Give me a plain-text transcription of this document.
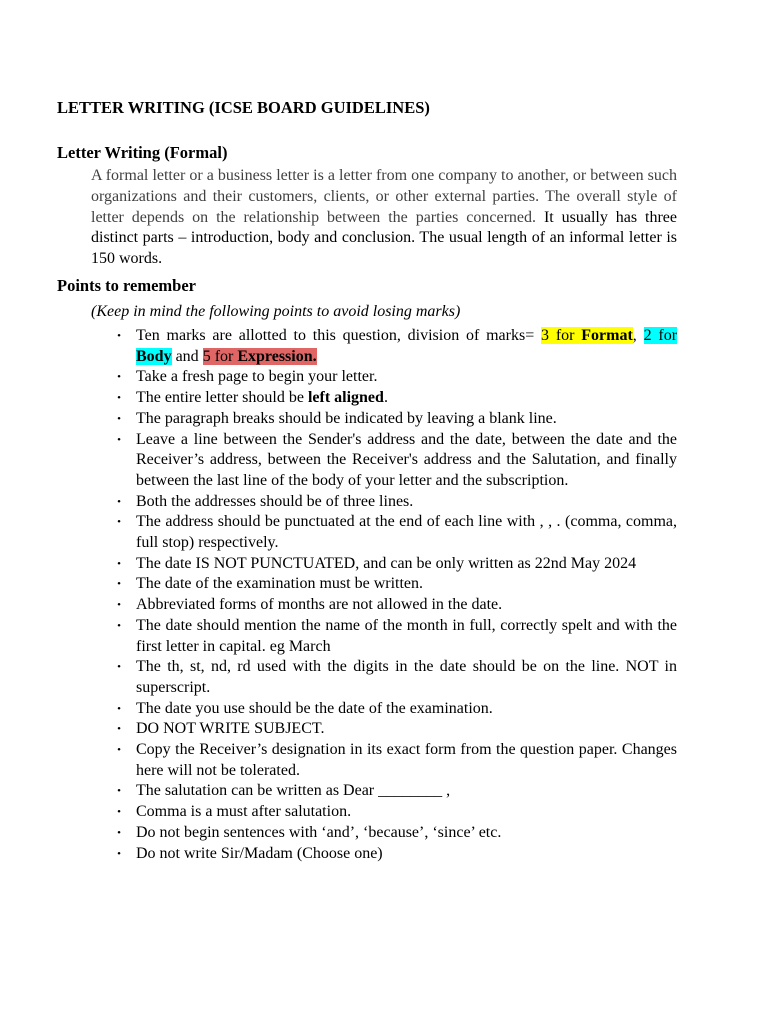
LETTER WRITING (ICSE BOARD GUIDELINES)
Letter Writing (Formal)

A formal letter or a business letter is a letter from one company to another, or between such organizations and their customers, clients, or other external parties. The overall style of letter depends on the relationship between the parties concerned. It usually has three distinct parts – introduction, body and conclusion. The usual length of an informal letter is 150 words.

Points to remember

(Keep in mind the following points to avoid losing marks)

• Ten marks are allotted to this question, division of marks= 3 for Format, 2 for Body and 5 for Expression.
• Take a fresh page to begin your letter.
• The entire letter should be left aligned.
• The paragraph breaks should be indicated by leaving a blank line.
• Leave a line between the Sender's address and the date, between the date and the Receiver’s address, between the Receiver's address and the Salutation, and finally between the last line of the body of your letter and the subscription.
• Both the addresses should be of three lines.
• The address should be punctuated at the end of each line with , , . (comma, comma, full stop) respectively.
• The date IS NOT PUNCTUATED, and can be only written as 22nd May 2024
• The date of the examination must be written.
• Abbreviated forms of months are not allowed in the date.
• The date should mention the name of the month in full, correctly spelt and with the first letter in capital. eg March
• The th, st, nd, rd used with the digits in the date should be on the line. NOT in superscript.
• The date you use should be the date of the examination.
• DO NOT WRITE SUBJECT.
• Copy the Receiver’s designation in its exact form from the question paper. Changes here will not be tolerated.
• The salutation can be written as Dear ________ ,
• Comma is a must after salutation.
• Do not begin sentences with ‘and’, ‘because’, ‘since’ etc.
• Do not write Sir/Madam (Choose one)
